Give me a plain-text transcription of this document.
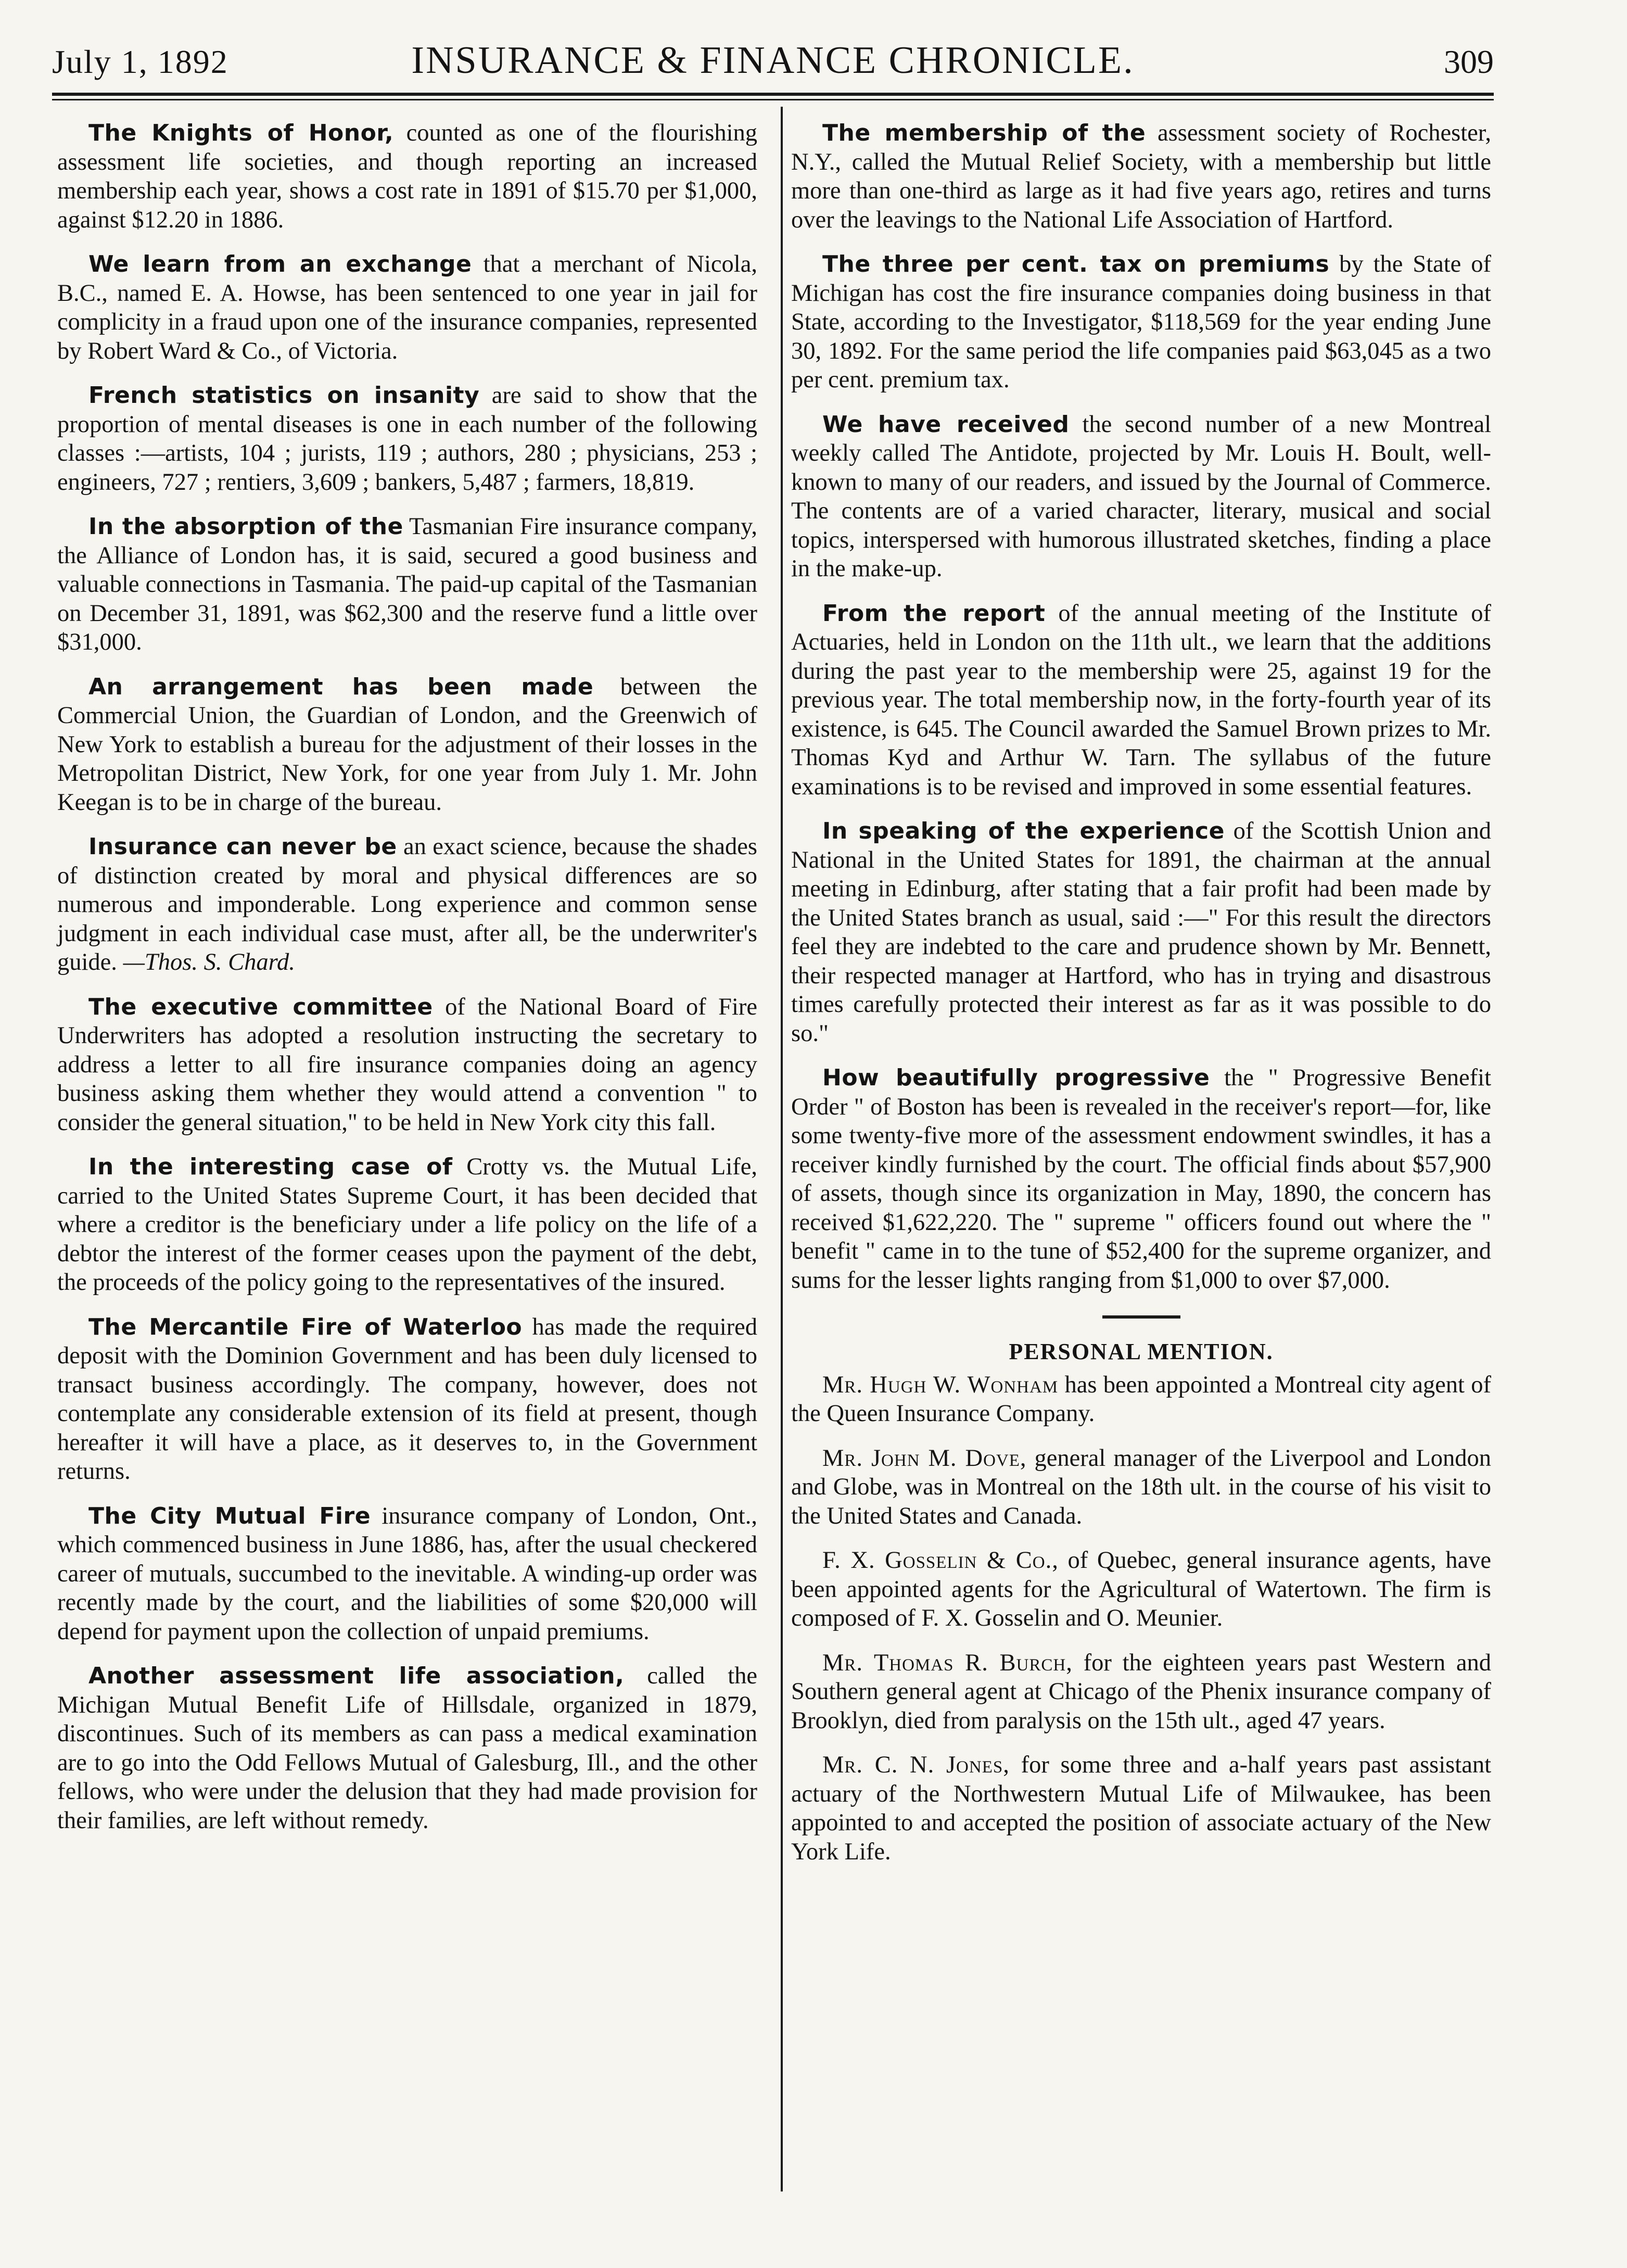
July 1, 1892	INSURANCE & FINANCE CHRONICLE.	309

The Knights of Honor, counted as one of the flourishing assessment life societies, and though reporting an increased membership each year, shows a cost rate in 1891 of $15.70 per $1,000, against $12.20 in 1886.

We learn from an exchange that a merchant of Nicola, B.C., named E. A. Howse, has been sentenced to one year in jail for complicity in a fraud upon one of the insurance companies, represented by Robert Ward & Co., of Victoria.

French statistics on insanity are said to show that the proportion of mental diseases is one in each number of the following classes :—artists, 104 ; jurists, 119 ; authors, 280 ; physicians, 253 ; engineers, 727 ; rentiers, 3,609 ; bankers, 5,487 ; farmers, 18,819.

In the absorption of the Tasmanian Fire insurance company, the Alliance of London has, it is said, secured a good business and valuable connections in Tasmania. The paid-up capital of the Tasmanian on December 31, 1891, was $62,300 and the reserve fund a little over $31,000.

An arrangement has been made between the Commercial Union, the Guardian of London, and the Greenwich of New York to establish a bureau for the adjustment of their losses in the Metropolitan District, New York, for one year from July 1. Mr. John Keegan is to be in charge of the bureau.

Insurance can never be an exact science, because the shades of distinction created by moral and physical differences are so numerous and imponderable. Long experience and common sense judgment in each individual case must, after all, be the underwriter's guide. —Thos. S. Chard.

The executive committee of the National Board of Fire Underwriters has adopted a resolution instructing the secretary to address a letter to all fire insurance companies doing an agency business asking them whether they would attend a convention " to consider the general situation," to be held in New York city this fall.

In the interesting case of Crotty vs. the Mutual Life, carried to the United States Supreme Court, it has been decided that where a creditor is the beneficiary under a life policy on the life of a debtor the interest of the former ceases upon the payment of the debt, the proceeds of the policy going to the representatives of the insured.

The Mercantile Fire of Waterloo has made the required deposit with the Dominion Government and has been duly licensed to transact business accordingly. The company, however, does not contemplate any considerable extension of its field at present, though hereafter it will have a place, as it deserves to, in the Government returns.

The City Mutual Fire insurance company of London, Ont., which commenced business in June 1886, has, after the usual checkered career of mutuals, succumbed to the inevitable. A winding-up order was recently made by the court, and the liabilities of some $20,000 will depend for payment upon the collection of unpaid premiums.

Another assessment life association, called the Michigan Mutual Benefit Life of Hillsdale, organized in 1879, discontinues. Such of its members as can pass a medical examination are to go into the Odd Fellows Mutual of Galesburg, Ill., and the other fellows, who were under the delusion that they had made provision for their families, are left without remedy.

The membership of the assessment society of Rochester, N.Y., called the Mutual Relief Society, with a membership but little more than one-third as large as it had five years ago, retires and turns over the leavings to the National Life Association of Hartford.

The three per cent. tax on premiums by the State of Michigan has cost the fire insurance companies doing business in that State, according to the Investigator, $118,569 for the year ending June 30, 1892. For the same period the life companies paid $63,045 as a two per cent. premium tax.

We have received the second number of a new Montreal weekly called The Antidote, projected by Mr. Louis H. Boult, well-known to many of our readers, and issued by the Journal of Commerce. The contents are of a varied character, literary, musical and social topics, interspersed with humorous illustrated sketches, finding a place in the make-up.

From the report of the annual meeting of the Institute of Actuaries, held in London on the 11th ult., we learn that the additions during the past year to the membership were 25, against 19 for the previous year. The total membership now, in the forty-fourth year of its existence, is 645. The Council awarded the Samuel Brown prizes to Mr. Thomas Kyd and Arthur W. Tarn. The syllabus of the future examinations is to be revised and improved in some essential features.

In speaking of the experience of the Scottish Union and National in the United States for 1891, the chairman at the annual meeting in Edinburg, after stating that a fair profit had been made by the United States branch as usual, said :—" For this result the directors feel they are indebted to the care and prudence shown by Mr. Bennett, their respected manager at Hartford, who has in trying and disastrous times carefully protected their interest as far as it was possible to do so."

How beautifully progressive the " Progressive Benefit Order " of Boston has been is revealed in the receiver's report—for, like some twenty-five more of the assessment endowment swindles, it has a receiver kindly furnished by the court. The official finds about $57,900 of assets, though since its organization in May, 1890, the concern has received $1,622,220. The " supreme " officers found out where the " benefit " came in to the tune of $52,400 for the supreme organizer, and sums for the lesser lights ranging from $1,000 to over $7,000.

PERSONAL MENTION.

Mr. Hugh W. Wonham has been appointed a Montreal city agent of the Queen Insurance Company.

Mr. John M. Dove, general manager of the Liverpool and London and Globe, was in Montreal on the 18th ult. in the course of his visit to the United States and Canada.

F. X. Gosselin & Co., of Quebec, general insurance agents, have been appointed agents for the Agricultural of Watertown. The firm is composed of F. X. Gosselin and O. Meunier.

Mr. Thomas R. Burch, for the eighteen years past Western and Southern general agent at Chicago of the Phenix insurance company of Brooklyn, died from paralysis on the 15th ult., aged 47 years.

Mr. C. N. Jones, for some three and a-half years past assistant actuary of the Northwestern Mutual Life of Milwaukee, has been appointed to and accepted the position of associate actuary of the New York Life.
